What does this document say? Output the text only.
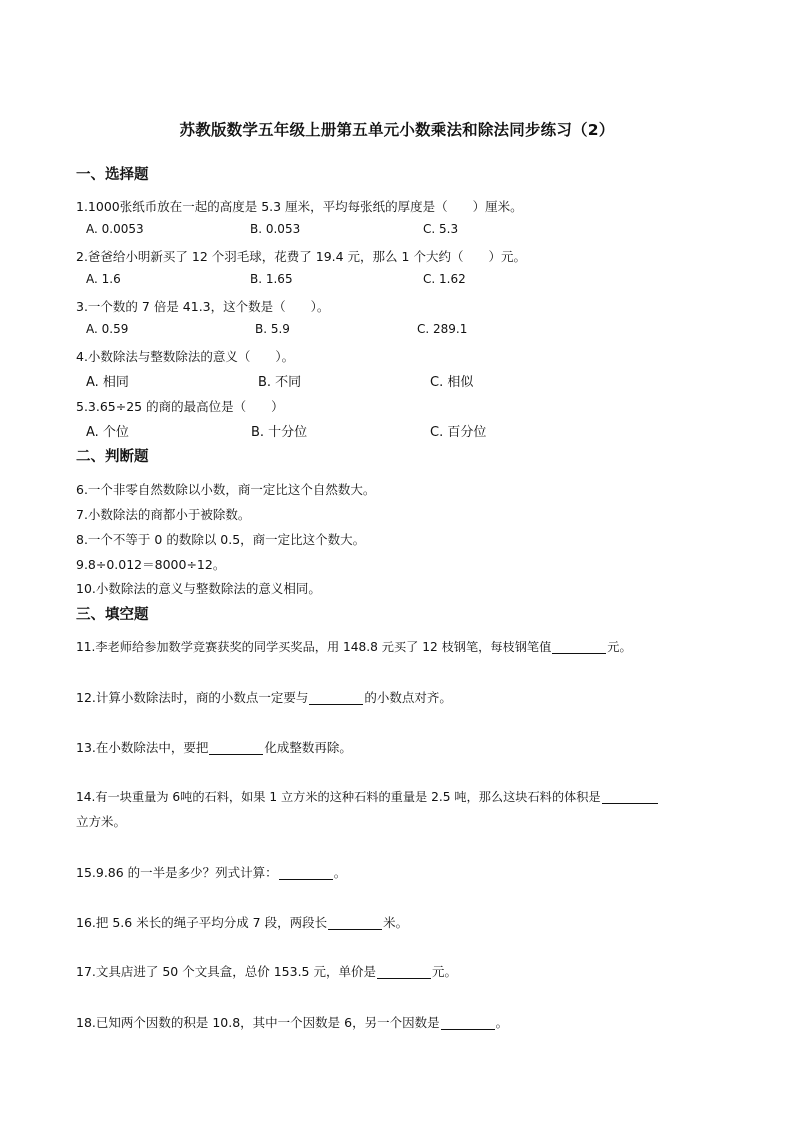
苏教版数学五年级上册第五单元小数乘法和除法同步练习（2）
一、选择题
1.1000张纸币放在一起的高度是 5.3 厘米，平均每张纸的厚度是（　　）厘米。
A. 0.0053	B. 0.053	C. 5.3
2.爸爸给小明新买了 12 个羽毛球，花费了 19.4 元，那么 1 个大约（　　）元。
A. 1.6	B. 1.65	C. 1.62
3.一个数的 7 倍是 41.3，这个数是（　　）。
A. 0.59	B. 5.9	C. 289.1
4.小数除法与整数除法的意义（　　）。
A. 相同	B. 不同	C. 相似
5.3.65÷25 的商的最高位是（　　）
A. 个位	B. 十分位	C. 百分位
二、判断题
6.一个非零自然数除以小数，商一定比这个自然数大。
7.小数除法的商都小于被除数。
8.一个不等于 0 的数除以 0.5，商一定比这个数大。
9.8÷0.012＝8000÷12。
10.小数除法的意义与整数除法的意义相同。
三、填空题
11.李老师给参加数学竞赛获奖的同学买奖品，用 148.8 元买了 12 枝钢笔，每枝钢笔值	元。
12.计算小数除法时，商的小数点一定要与	的小数点对齐。
13.在小数除法中，要把	化成整数再除。
14.有一块重量为 6吨的石料，如果 1 立方米的这种石料的重量是 2.5 吨，那么这块石料的体积是
立方米。
15.9.86 的一半是多少？列式计算：	。
16.把 5.6 米长的绳子平均分成 7 段，两段长	米。
17.文具店进了 50 个文具盒，总价 153.5 元，单价是	元。
18.已知两个因数的积是 10.8，其中一个因数是 6，另一个因数是	。
